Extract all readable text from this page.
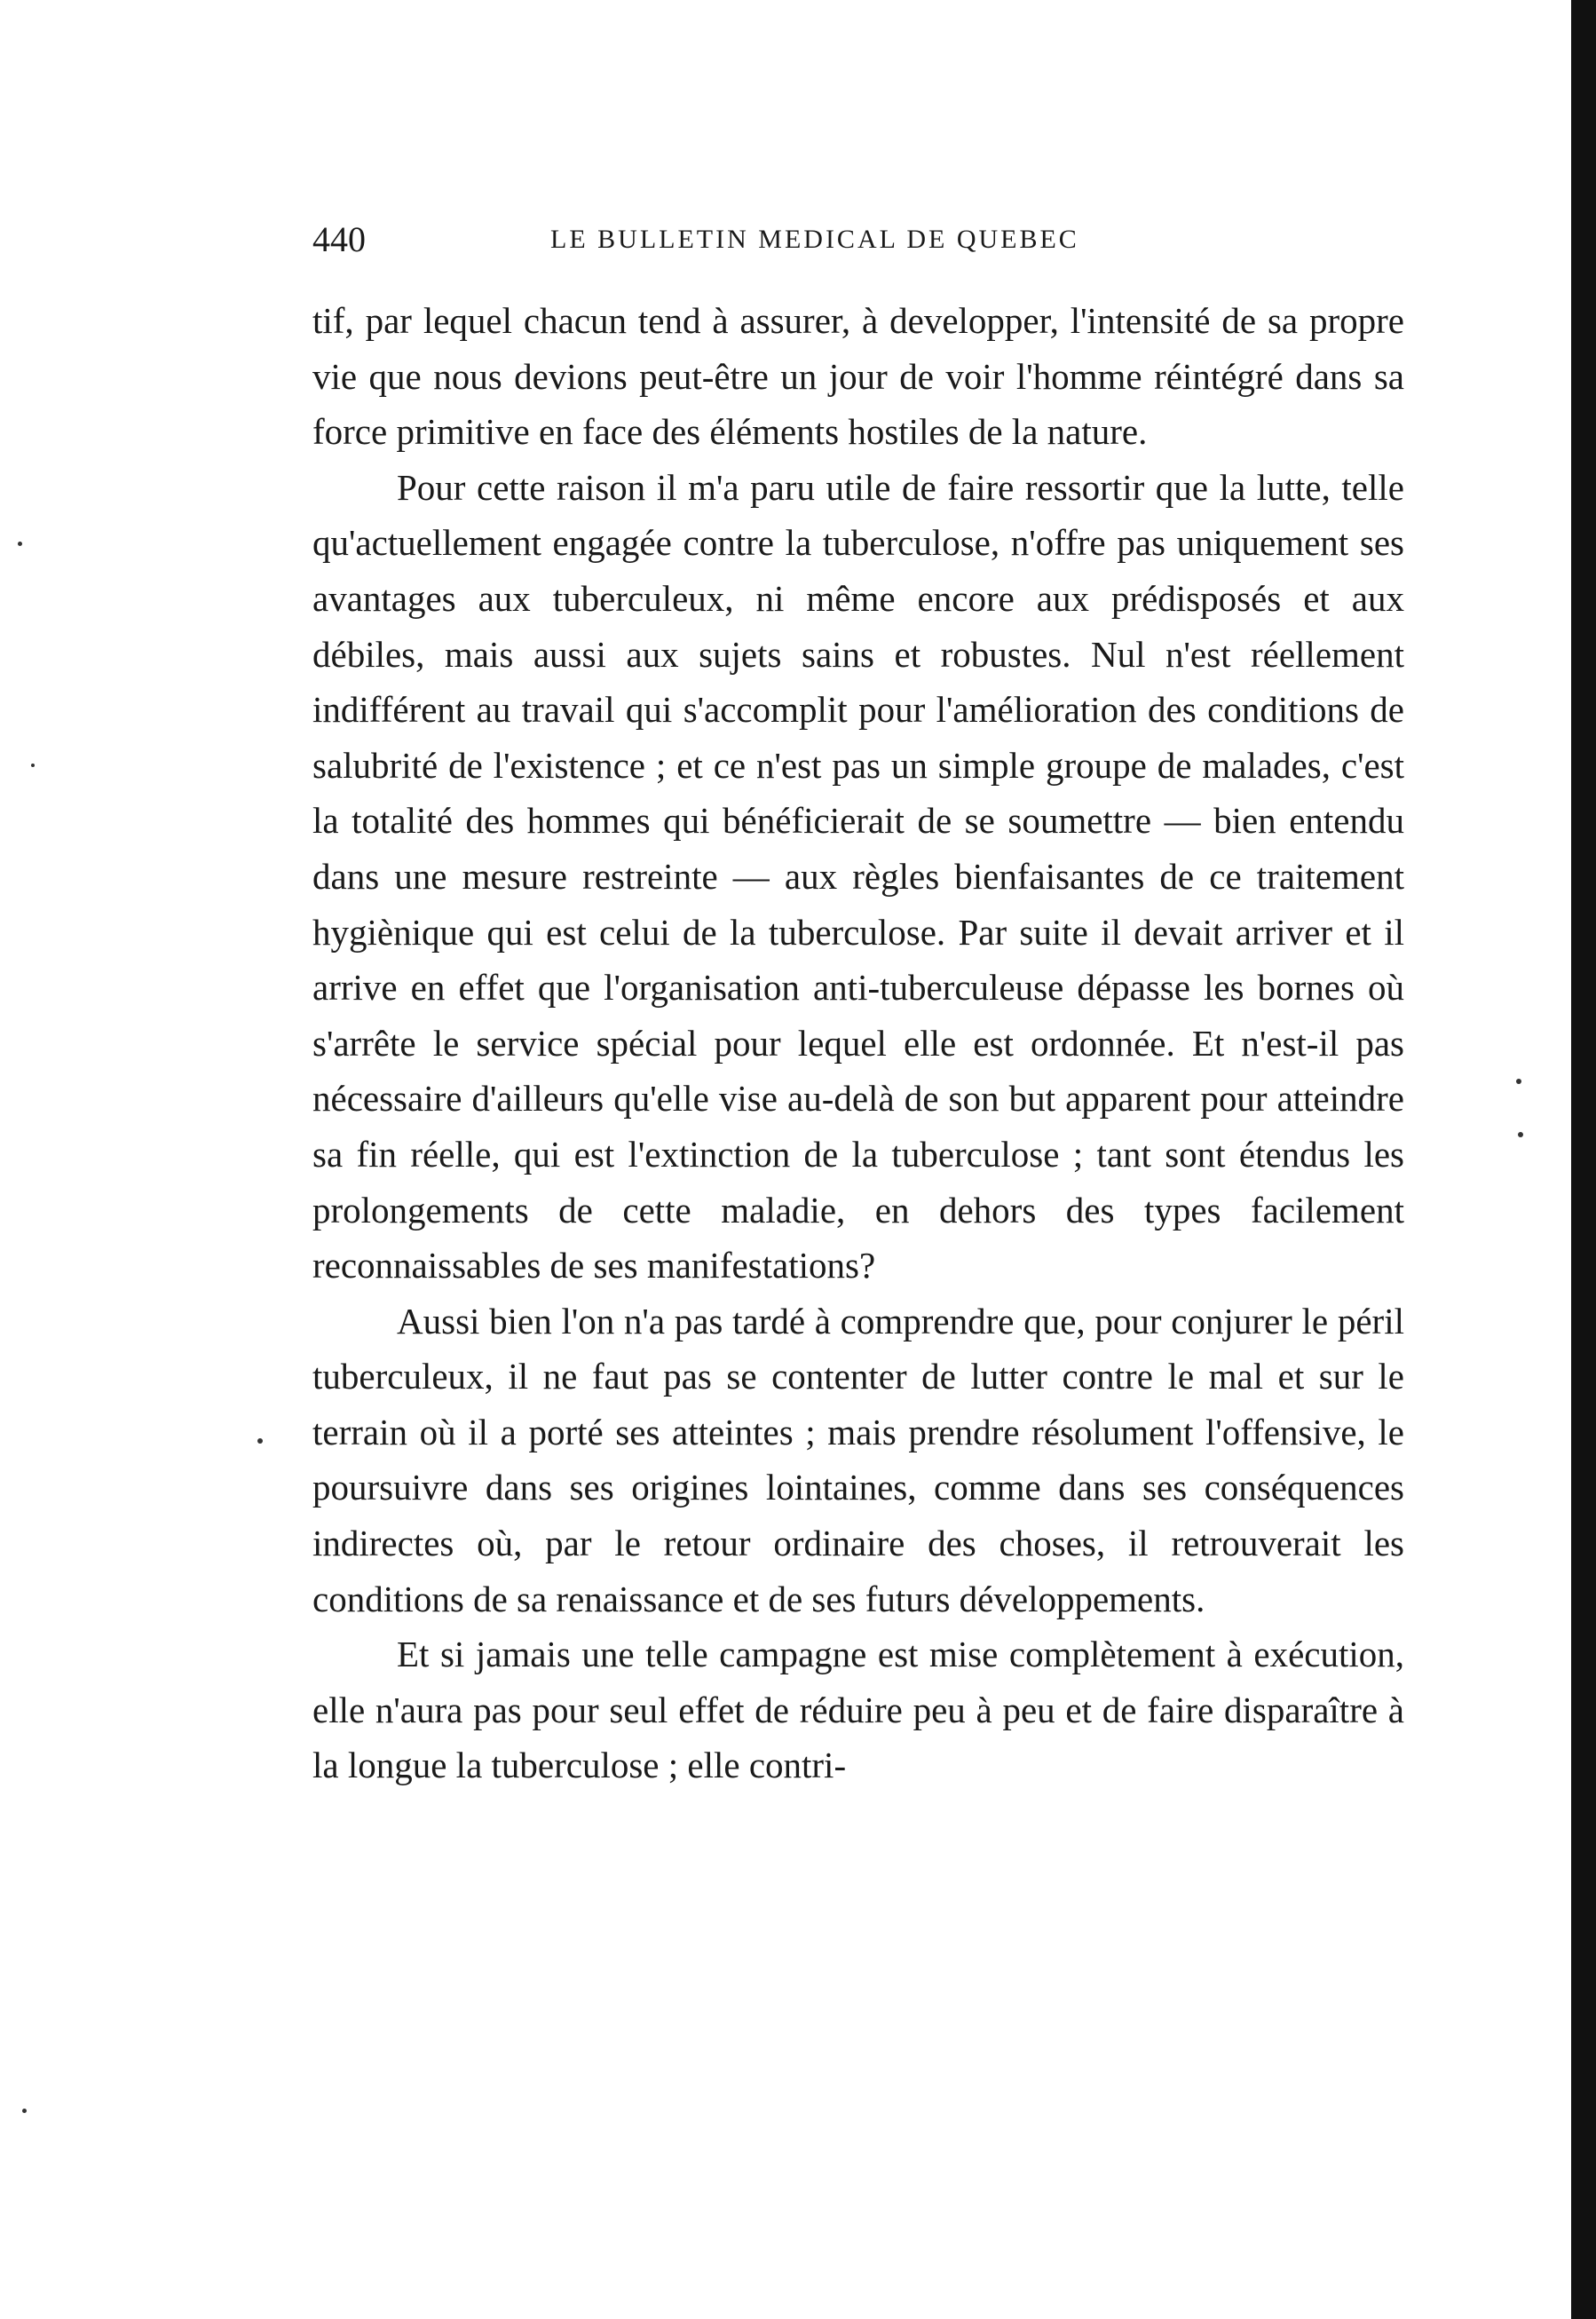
440	LE BULLETIN MEDICAL DE QUEBEC

tif, par lequel chacun tend à assurer, à developper, l'intensité de sa propre vie que nous devions peut-être un jour de voir l'homme réintégré dans sa force primitive en face des éléments hostiles de la nature.

Pour cette raison il m'a paru utile de faire ressortir que la lutte, telle qu'actuellement engagée contre la tuberculose, n'offre pas uniquement ses avantages aux tuberculeux, ni même encore aux prédisposés et aux débiles, mais aussi aux sujets sains et robustes. Nul n'est réellement indifférent au travail qui s'accomplit pour l'amélioration des conditions de salubrité de l'existence ; et ce n'est pas un simple groupe de malades, c'est la totalité des hommes qui bénéficierait de se soumettre — bien entendu dans une mesure restreinte — aux règles bienfaisantes de ce traitement hygiènique qui est celui de la tuberculose. Par suite il devait arriver et il arrive en effet que l'organisation anti-tuberculeuse dépasse les bornes où s'arrête le service spécial pour lequel elle est ordonnée. Et n'est-il pas nécessaire d'ailleurs qu'elle vise au-delà de son but apparent pour atteindre sa fin réelle, qui est l'extinction de la tuberculose ; tant sont étendus les prolongements de cette maladie, en dehors des types facilement reconnaissables de ses manifestations?

Aussi bien l'on n'a pas tardé à comprendre que, pour conjurer le péril tuberculeux, il ne faut pas se contenter de lutter contre le mal et sur le terrain où il a porté ses atteintes ; mais prendre résolument l'offensive, le poursuivre dans ses origines lointaines, comme dans ses conséquences indirectes où, par le retour ordinaire des choses, il retrouverait les conditions de sa renaissance et de ses futurs développements.

Et si jamais une telle campagne est mise complètement à exécution, elle n'aura pas pour seul effet de réduire peu à peu et de faire disparaître à la longue la tuberculose ; elle contri-
